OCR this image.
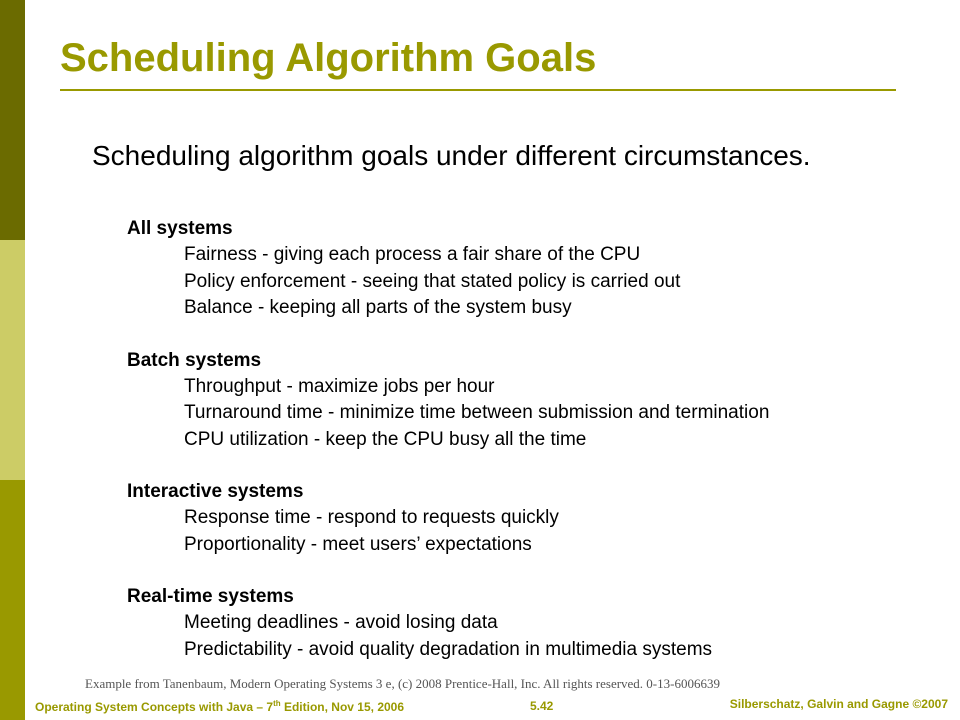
Scheduling Algorithm Goals
Scheduling algorithm goals under different circumstances.
All systems
Fairness - giving each process a fair share of the CPU
Policy enforcement - seeing that stated policy is carried out
Balance - keeping all parts of the system busy
Batch systems
Throughput - maximize jobs per hour
Turnaround time - minimize time between submission and termination
CPU utilization - keep the CPU busy all the time
Interactive systems
Response time - respond to requests quickly
Proportionality - meet users’ expectations
Real-time systems
Meeting deadlines - avoid losing data
Predictability - avoid quality degradation in multimedia systems
Example from Tanenbaum, Modern Operating Systems 3 e, (c) 2008 Prentice-Hall, Inc. All rights reserved. 0-13-6006639
Operating System Concepts with Java – 7th Edition, Nov 15, 2006	5.42	Silberschatz, Galvin and Gagne ©2007
